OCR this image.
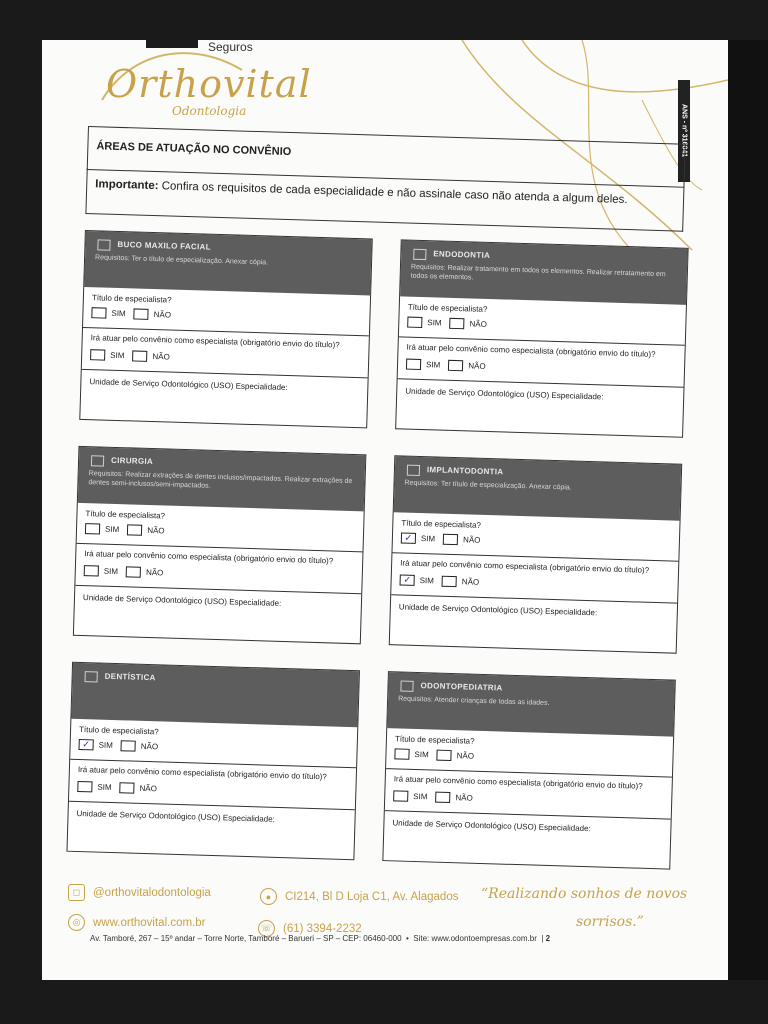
Seguros
Orthovital
Odontologia	ANS - nº 316041
ÁREAS DE ATUAÇÃO NO CONVÊNIO
Importante: Confira os requisitos de cada especialidade e não assinale caso não atenda a algum deles.
BUCO MAXILO FACIAL
Requisitos: Ter o título de especialização. Anexar cópia.
Título de especialista?
SIM	NÃO
Irá atuar pelo convênio como especialista (obrigatório envio do título)?
SIM	NÃO
Unidade de Serviço Odontológico (USO) Especialidade:
ENDODONTIA
Requisitos: Realizar tratamento em todos os elementos. Realizar retratamento em todos os elementos.
Título de especialista?
SIM	NÃO
Irá atuar pelo convênio como especialista (obrigatório envio do título)?
SIM	NÃO
Unidade de Serviço Odontológico (USO) Especialidade:
CIRURGIA
Requisitos: Realizar extrações de dentes inclusos/impactados. Realizar extrações de dentes semi-inclusos/semi-impactados.
Título de especialista?
SIM	NÃO
Irá atuar pelo convênio como especialista (obrigatório envio do título)?
SIM	NÃO
Unidade de Serviço Odontológico (USO) Especialidade:
IMPLANTODONTIA
Requisitos: Ter título de especialização. Anexar cópia.
Título de especialista?
✓	SIM	NÃO
Irá atuar pelo convênio como especialista (obrigatório envio do título)?
✓	SIM	NÃO
Unidade de Serviço Odontológico (USO) Especialidade:
DENTÍSTICA
Título de especialista?
✓	SIM	NÃO
Irá atuar pelo convênio como especialista (obrigatório envio do título)?
SIM	NÃO
Unidade de Serviço Odontológico (USO) Especialidade:
ODONTOPEDIATRIA
Requisitos: Atender crianças de todas as idades.
Título de especialista?
SIM	NÃO
Irá atuar pelo convênio como especialista (obrigatório envio do título)?
SIM	NÃO
Unidade de Serviço Odontológico (USO) Especialidade:
◻	@orthovitalodontologia	●	CI214, Bl D Loja C1, Av. Alagados “Realizando sonhos de novos
sorrisos.”
◎	www.orthovital.com.br	☏ (61) 3394-2232
Av. Tamboré, 267 – 15º andar – Torre Norte, Tamboré – Barueri – SP – CEP: 06460-000  •  Site: www.odontoempresas.com.br  | 2
